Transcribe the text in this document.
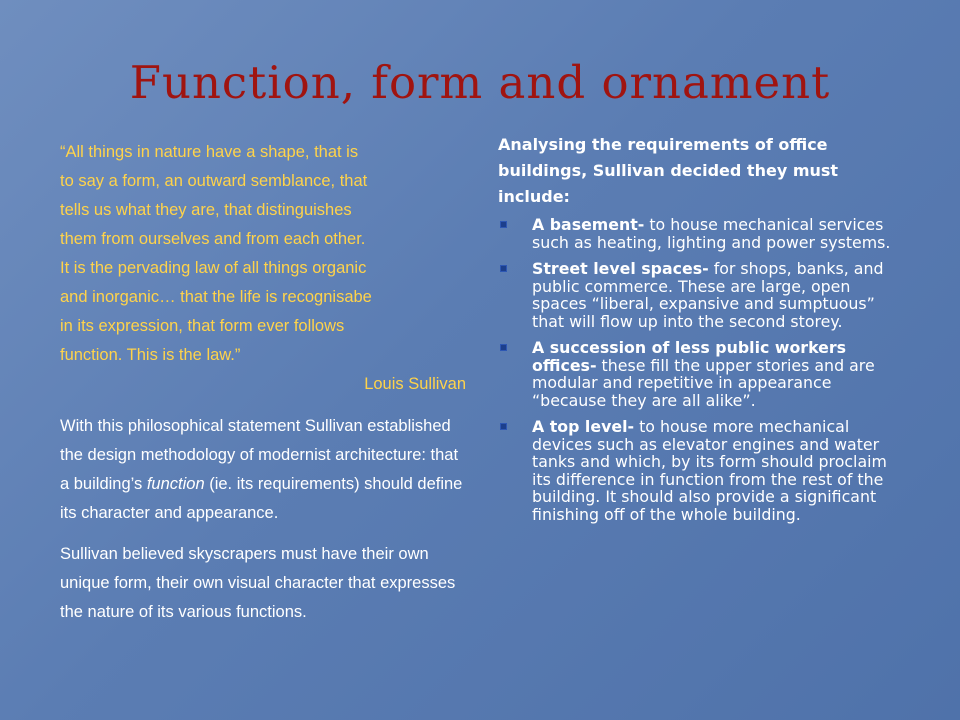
Function, form and ornament

“All things in nature have a shape, that is

to say a form, an outward semblance, that

tells us what they are, that distinguishes

them from ourselves and from each other.

It is the pervading law of all things organic

and inorganic… that the life is recognisabe

in its expression, that form ever follows

function. This is the law.”

Louis Sullivan
With this philosophical statement Sullivan established the design methodology of modernist architecture: that a building’s function (ie. its requirements) should define its character and appearance.
Sullivan believed skyscrapers must have their own unique form, their own visual character that expresses the nature of its various functions.

Analysing the requirements of office buildings, Sullivan decided they must include:

A basement- to house mechanical services such as heating, lighting and power systems.
Street level spaces- for shops, banks, and public commerce. These are large, open spaces “liberal, expansive and sumptuous” that will flow up into the second storey.
A succession of less public workers offices- these fill the upper stories and are modular and repetitive in appearance “because they are all alike”.
A top level- to house more mechanical devices such as elevator engines and water tanks and which, by its form should proclaim its difference in function from the rest of the building. It should also provide a significant finishing off of the whole building.
